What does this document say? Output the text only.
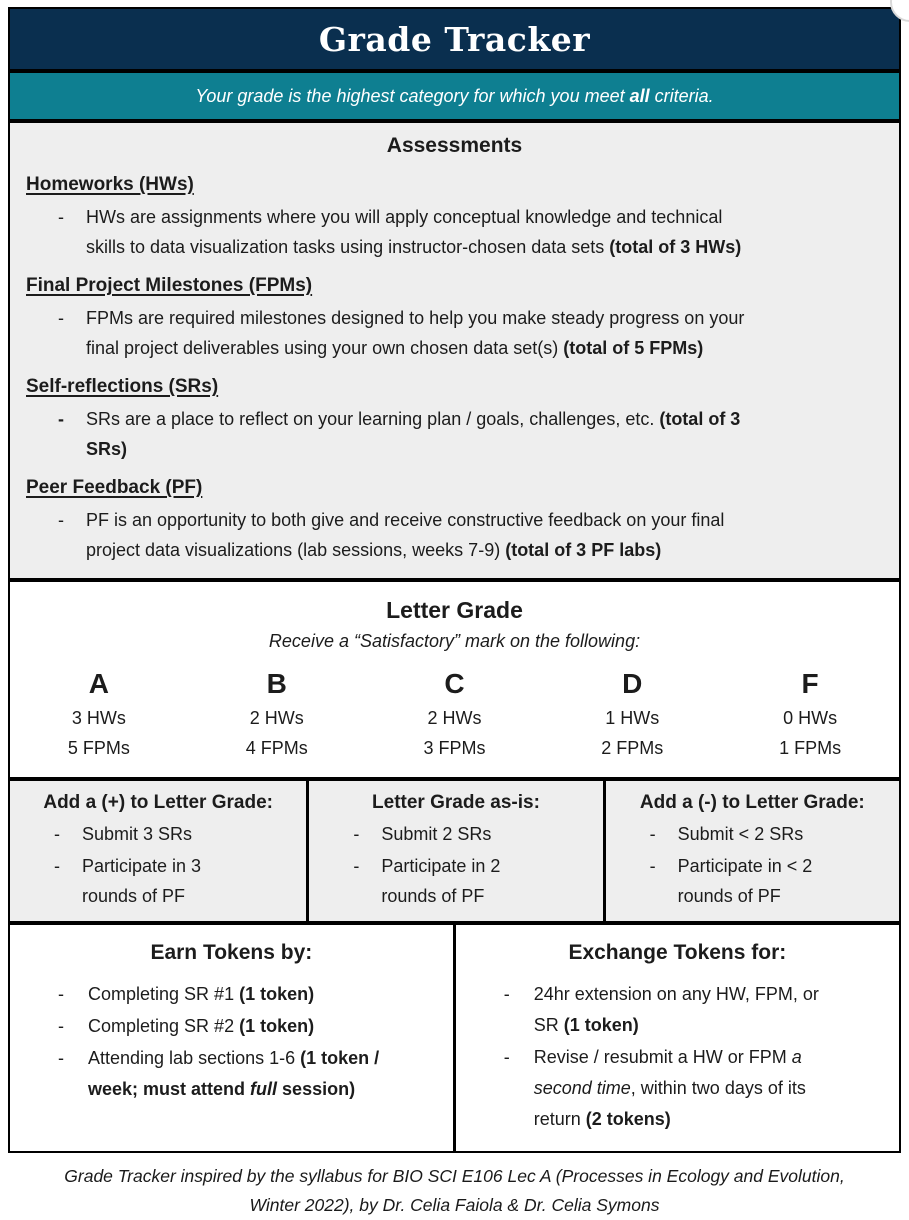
Grade Tracker
Your grade is the highest category for which you meet all criteria.
Assessments
Homeworks (HWs)
-	HWs are assignments where you will apply conceptual knowledge and technical
skills to data visualization tasks using instructor-chosen data sets (total of 3 HWs)
Final Project Milestones (FPMs)
-	FPMs are required milestones designed to help you make steady progress on your
final project deliverables using your own chosen data set(s) (total of 5 FPMs)
Self-reflections (SRs)
-	SRs are a place to reflect on your learning plan / goals, challenges, etc. (total of 3
SRs)
Peer Feedback (PF)
-	PF is an opportunity to both give and receive constructive feedback on your final
project data visualizations (lab sessions, weeks 7-9) (total of 3 PF labs)
Letter Grade
Receive a “Satisfactory” mark on the following:
A
3 HWs
5 FPMs
B
2 HWs
4 FPMs
C
2 HWs
3 FPMs
D
1 HWs
2 FPMs
F
0 HWs
1 FPMs
Add a (+) to Letter Grade:
-	Submit 3 SRs
-	Participate in 3
rounds of PF
Letter Grade as-is:
-	Submit 2 SRs
-	Participate in 2
rounds of PF
Add a (-) to Letter Grade:
-	Submit < 2 SRs
-	Participate in < 2
rounds of PF
Earn Tokens by:
-	Completing SR #1 (1 token)
-	Completing SR #2 (1 token)
-	Attending lab sections 1-6 (1 token /
week; must attend full session)
Exchange Tokens for:
-	24hr extension on any HW, FPM, or
SR (1 token)
-	Revise / resubmit a HW or FPM a
second time, within two days of its
return (2 tokens)
Grade Tracker inspired by the syllabus for BIO SCI E106 Lec A (Processes in Ecology and Evolution,
Winter 2022), by Dr. Celia Faiola & Dr. Celia Symons
